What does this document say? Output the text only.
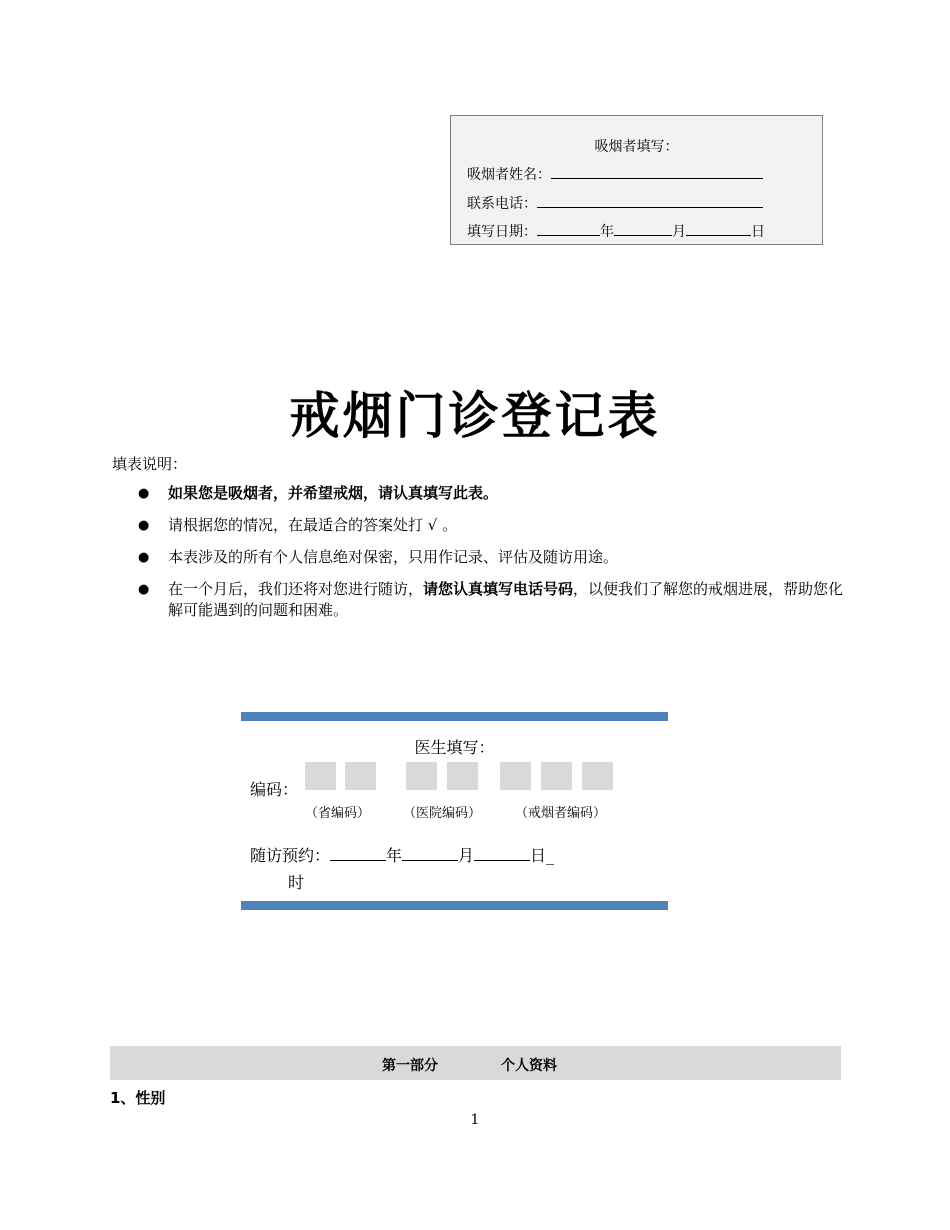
吸烟者填写：
吸烟者姓名：
联系电话：
填写日期：	年	月	日
戒烟门诊登记表
填表说明：
● 如果您是吸烟者，并希望戒烟，请认真填写此表。
● 请根据您的情况，在最适合的答案处打 √ 。
● 本表涉及的所有个人信息绝对保密，只用作记录、评估及随访用途。
● 在一个月后，我们还将对您进行随访，请您认真填写电话号码，以便我们了解您的戒烟进展，帮助您化解可能遇到的问题和困难。
医生填写：
编码：
（省编码）	（医院编码）	（戒烟者编码）
随访预约：	年	月	日_
时
第一部分	个人资料
1、性别
1
